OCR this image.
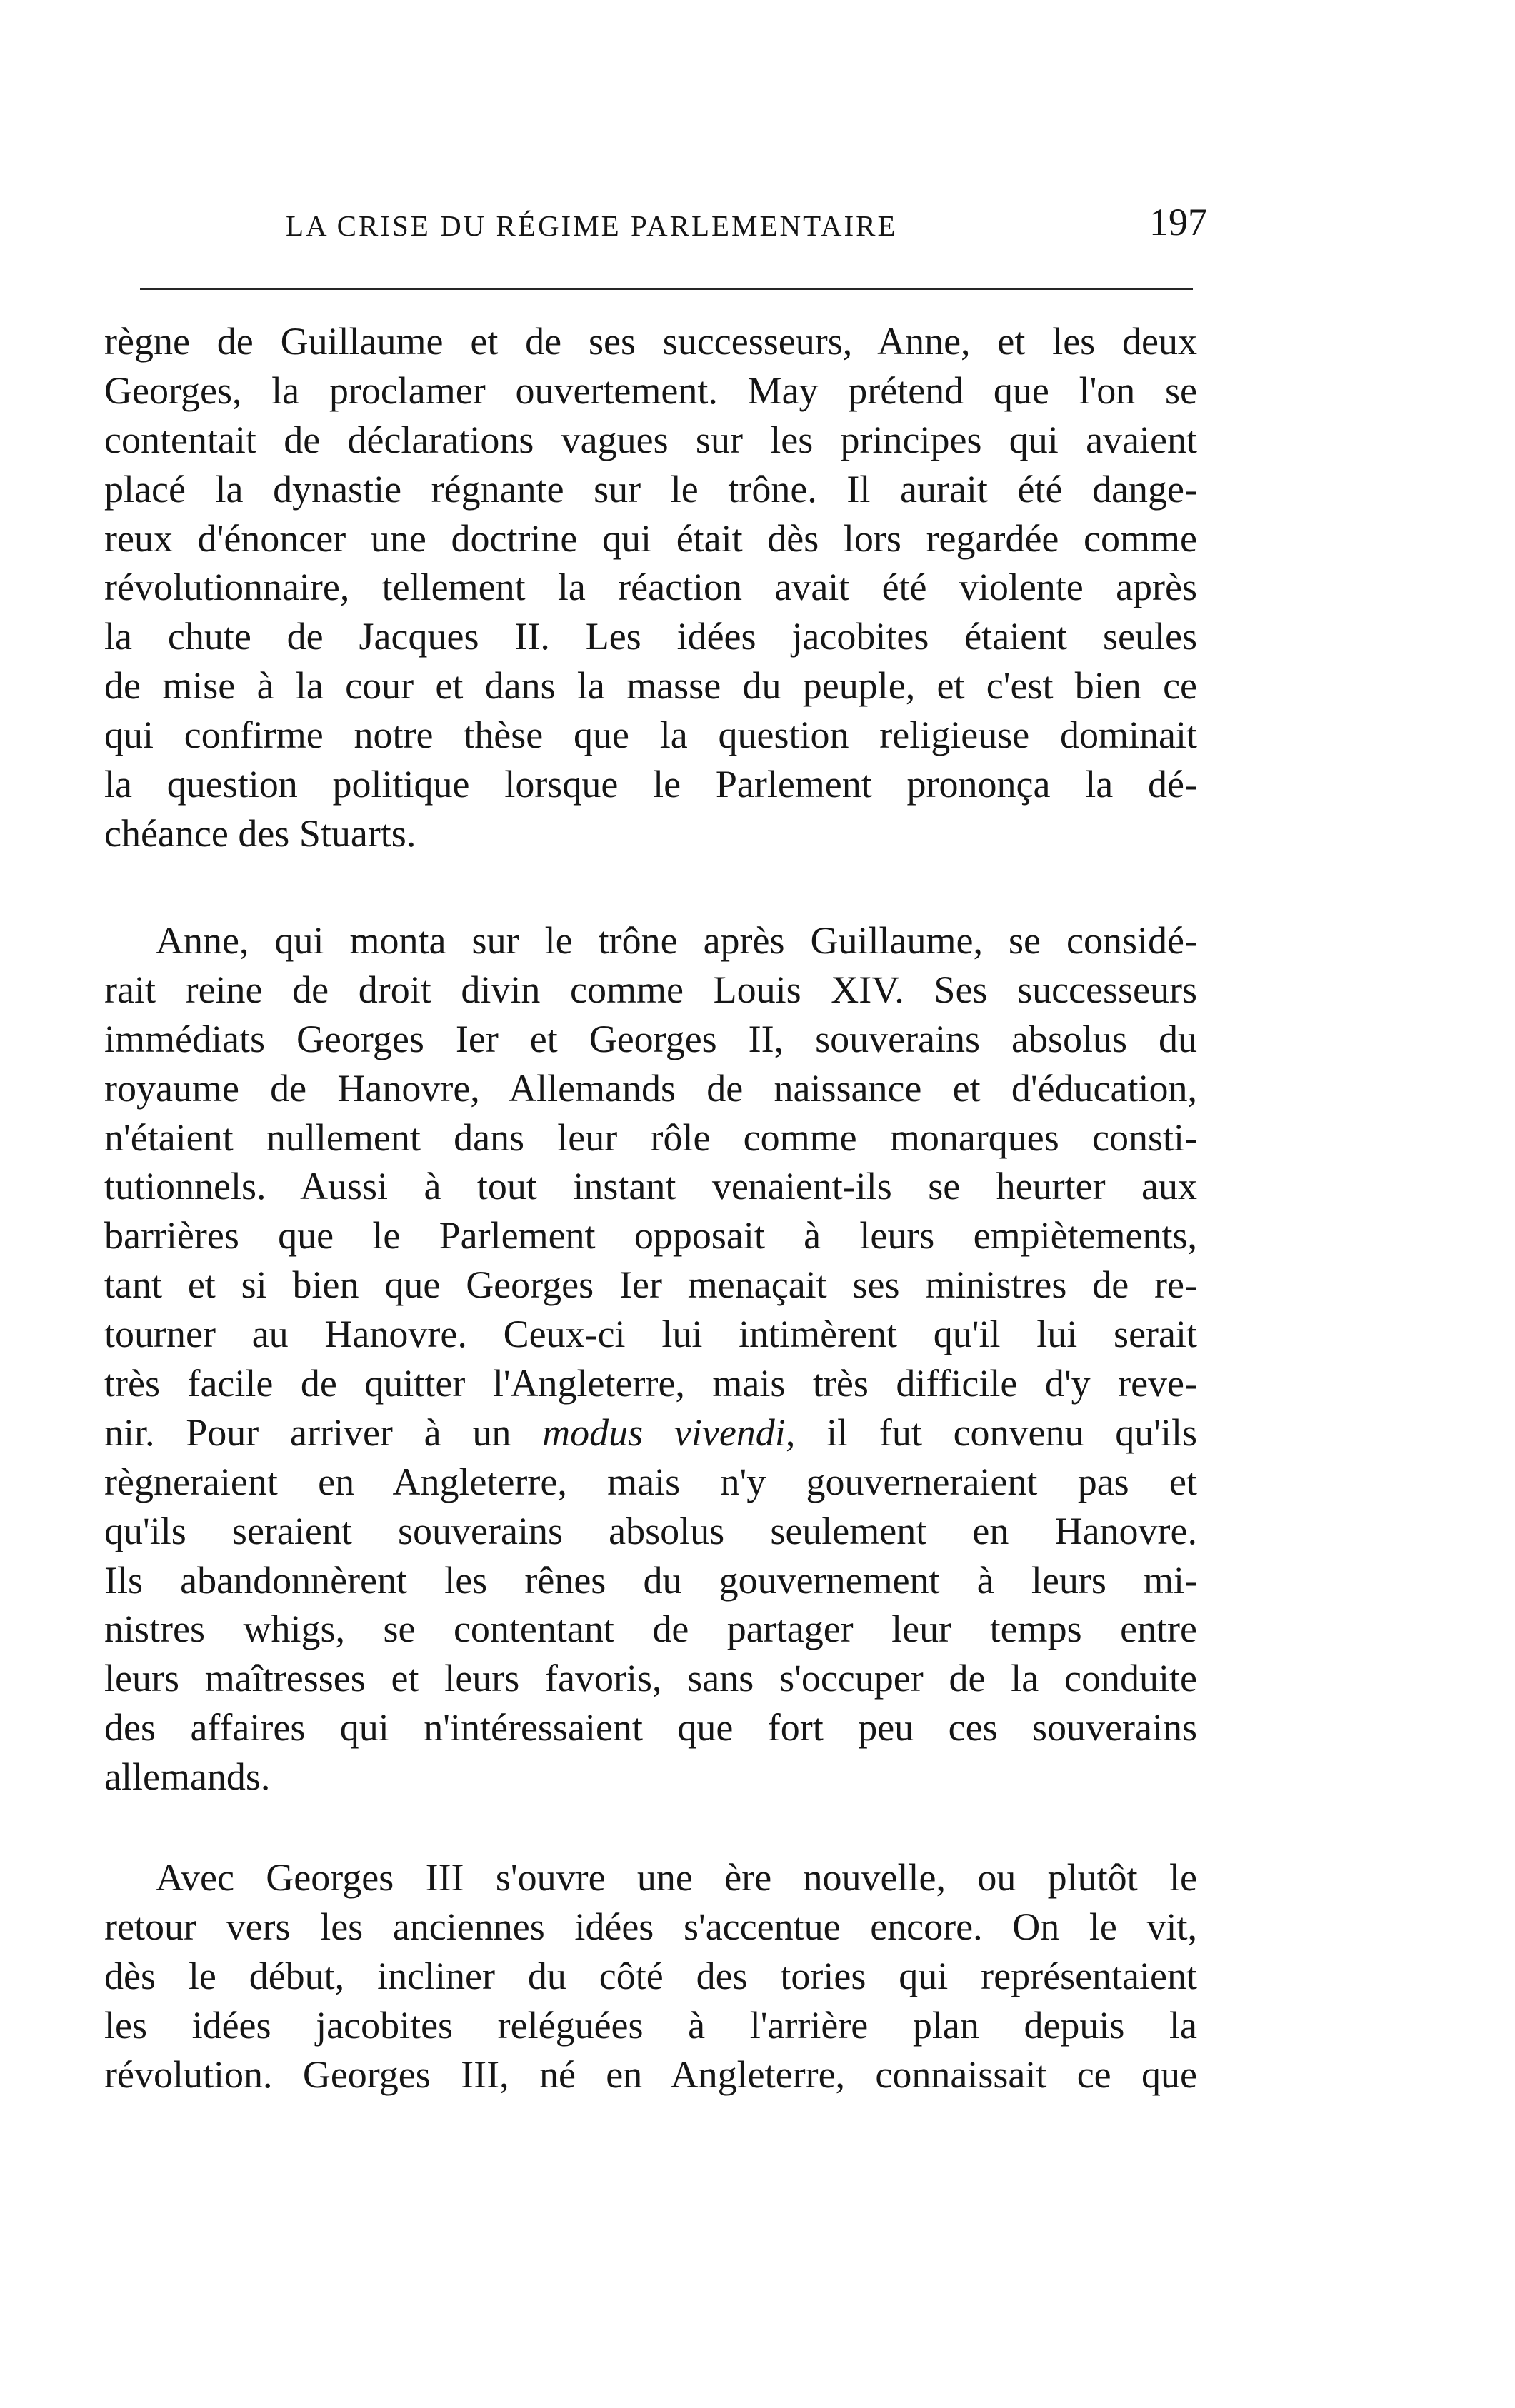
LA CRISE DU RÉGIME PARLEMENTAIRE	197
règne de Guillaume et de ses successeurs, Anne, et les deux
Georges, la proclamer ouvertement. May prétend que l'on se
contentait de déclarations vagues sur les principes qui avaient
placé la dynastie régnante sur le trône. Il aurait été dange-
reux d'énoncer une doctrine qui était dès lors regardée comme
révolutionnaire, tellement la réaction avait été violente après
la chute de Jacques II. Les idées jacobites étaient seules
de mise à la cour et dans la masse du peuple, et c'est bien ce
qui confirme notre thèse que la question religieuse dominait
la question politique lorsque le Parlement prononça la dé-
chéance des Stuarts.
Anne, qui monta sur le trône après Guillaume, se considé-
rait reine de droit divin comme Louis XIV. Ses successeurs
immédiats Georges Ier et Georges II, souverains absolus du
royaume de Hanovre, Allemands de naissance et d'éducation,
n'étaient nullement dans leur rôle comme monarques consti-
tutionnels. Aussi à tout instant venaient-ils se heurter aux
barrières que le Parlement opposait à leurs empiètements,
tant et si bien que Georges Ier menaçait ses ministres de re-
tourner au Hanovre. Ceux-ci lui intimèrent qu'il lui serait
très facile de quitter l'Angleterre, mais très difficile d'y reve-
nir. Pour arriver à un modus vivendi, il fut convenu qu'ils
règneraient en Angleterre, mais n'y gouverneraient pas et
qu'ils seraient souverains absolus seulement en Hanovre.
Ils abandonnèrent les rênes du gouvernement à leurs mi-
nistres whigs, se contentant de partager leur temps entre
leurs maîtresses et leurs favoris, sans s'occuper de la conduite
des affaires qui n'intéressaient que fort peu ces souverains
allemands.
Avec Georges III s'ouvre une ère nouvelle, ou plutôt le
retour vers les anciennes idées s'accentue encore. On le vit,
dès le début, incliner du côté des tories qui représentaient
les idées jacobites reléguées à l'arrière plan depuis la
révolution. Georges III, né en Angleterre, connaissait ce que
